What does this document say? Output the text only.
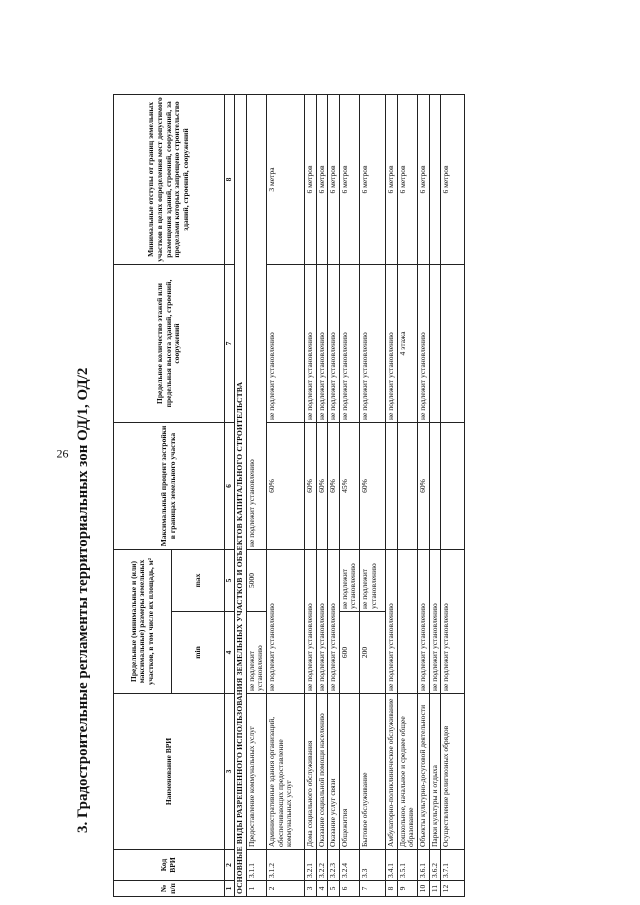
26 3. Градостроительные регламенты территориальных зон ОД/1, ОД/2
№ п/п	Код ВРИ	Наименование ВРИ	Предельные (минимальные и (или) максимальные) размеры земельных участков, в том числе их площадь, м²		Максимальный процент застройки в границах земельного участка	Предельное количество этажей или предельная высота зданий, строений, сооружений	Минимальные отступы от границ земельных участков в целях определения мест допустимого размещения зданий, строений, сооружений, за пределами которых запрещено строительство зданий, строений, сооружений
			min	max			
1	2	3	4	5	6	7	8
ОСНОВНЫЕ ВИДЫ РАЗРЕШЕННОГО ИСПОЛЬЗОВАНИЯ ЗЕМЕЛЬНЫХ УЧАСТКОВ И ОБЪЕКТОВ КАПИТАЛЬНОГО СТРОИТЕЛЬСТВА							
1	3.1.1	Предоставление коммунальных услуг	не подлежит установлению	5000	не подлежит установлению		
2	3.1.2	Административные здания организаций, обеспечивающих предоставление коммунальных услуг	не подлежит установлению		60%	не подлежит установлению	3 метра
3	3.2.1	Дома социального обслуживания	не подлежит установлению		60%	не подлежит установлению	6 метров
4	3.2.2	Оказание социальной помощи населению	не подлежит установлению		60%	не подлежит установлению	6 метров
5	3.2.3	Оказание услуг связи	не подлежит установлению		60%	не подлежит установлению	6 метров
6	3.2.4	Общежития	600	не подлежит установлению	45%	не подлежит установлению	6 метров
7	3.3	Бытовое обслуживание	200	не подлежит установлению	60%	не подлежит установлению	6 метров
8	3.4.1	Амбулаторно-поликлиническое обслуживание	не подлежит установлению			не подлежит установлению	6 метров
9	3.5.1	Дошкольное, начальное и среднее общее образование				4 этажа	6 метров
10	3.6.1	Объекты культурно-досуговой деятельности	не подлежит установлению		60%	не подлежит установлению	6 метров
11	3.6.2	Парки культуры и отдыха	не подлежит установлению				
12	3.7.1	Осуществление религиозных обрядов	не подлежит установлению				6 метров
